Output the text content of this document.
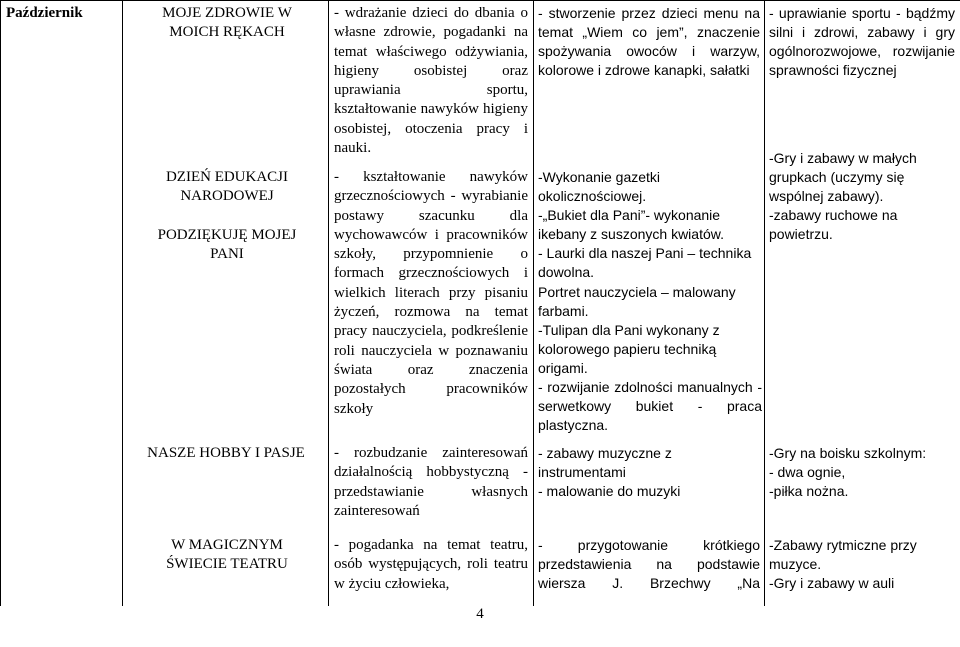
Październik	MOJE ZDROWIE W MOICH RĘKACH
- wdrażanie dzieci do dbania o własne zdrowie, pogadanki na temat właściwego odżywiania, higieny osobistej oraz uprawiania sportu, kształtowanie nawyków higieny osobistej, otoczenia pracy i nauki.
- stworzenie przez dzieci menu na temat „Wiem co jem”, znaczenie spożywania owoców i warzyw, kolorowe i zdrowe kanapki, sałatki
- uprawianie sportu - bądźmy silni i zdrowi, zabawy i gry ogólnorozwojowe, rozwijanie sprawności fizycznej
DZIEŃ EDUKACJI NARODOWEJ
PODZIĘKUJĘ MOJEJ PANI
- kształtowanie nawyków grzecznościowych - wyrabianie postawy szacunku dla wychowawców i pracowników szkoły, przypomnienie o formach grzecznościowych i wielkich literach przy pisaniu życzeń, rozmowa na temat pracy nauczyciela, podkreślenie roli nauczyciela w poznawaniu świata oraz znaczenia pozostałych pracowników szkoły
-Wykonanie gazetki okolicznościowej.
-„Bukiet dla Pani”- wykonanie ikebany z suszonych kwiatów.
- Laurki dla naszej Pani – technika dowolna.
Portret nauczyciela – malowany farbami.
-Tulipan dla Pani wykonany z kolorowego papieru techniką origami.
- rozwijanie zdolności manualnych - serwetkowy bukiet - praca plastyczna.
-Gry i zabawy w małych grupkach (uczymy się wspólnej zabawy).
-zabawy ruchowe na powietrzu.
NASZE HOBBY I PASJE	- rozbudzanie zainteresowań działalnością hobbystyczną - przedstawianie własnych zainteresowań
- zabawy muzyczne z instrumentami
- malowanie do muzyki
-Gry na boisku szkolnym:
- dwa ognie,
-piłka nożna.
W MAGICZNYM ŚWIECIE TEATRU
- pogadanka na temat teatru, osób występujących, roli teatru w życiu człowieka,
- przygotowanie krótkiego przedstawienia na podstawie wiersza J. Brzechwy „Na
-Zabawy rytmiczne przy muzyce.
-Gry i zabawy w auli
4
